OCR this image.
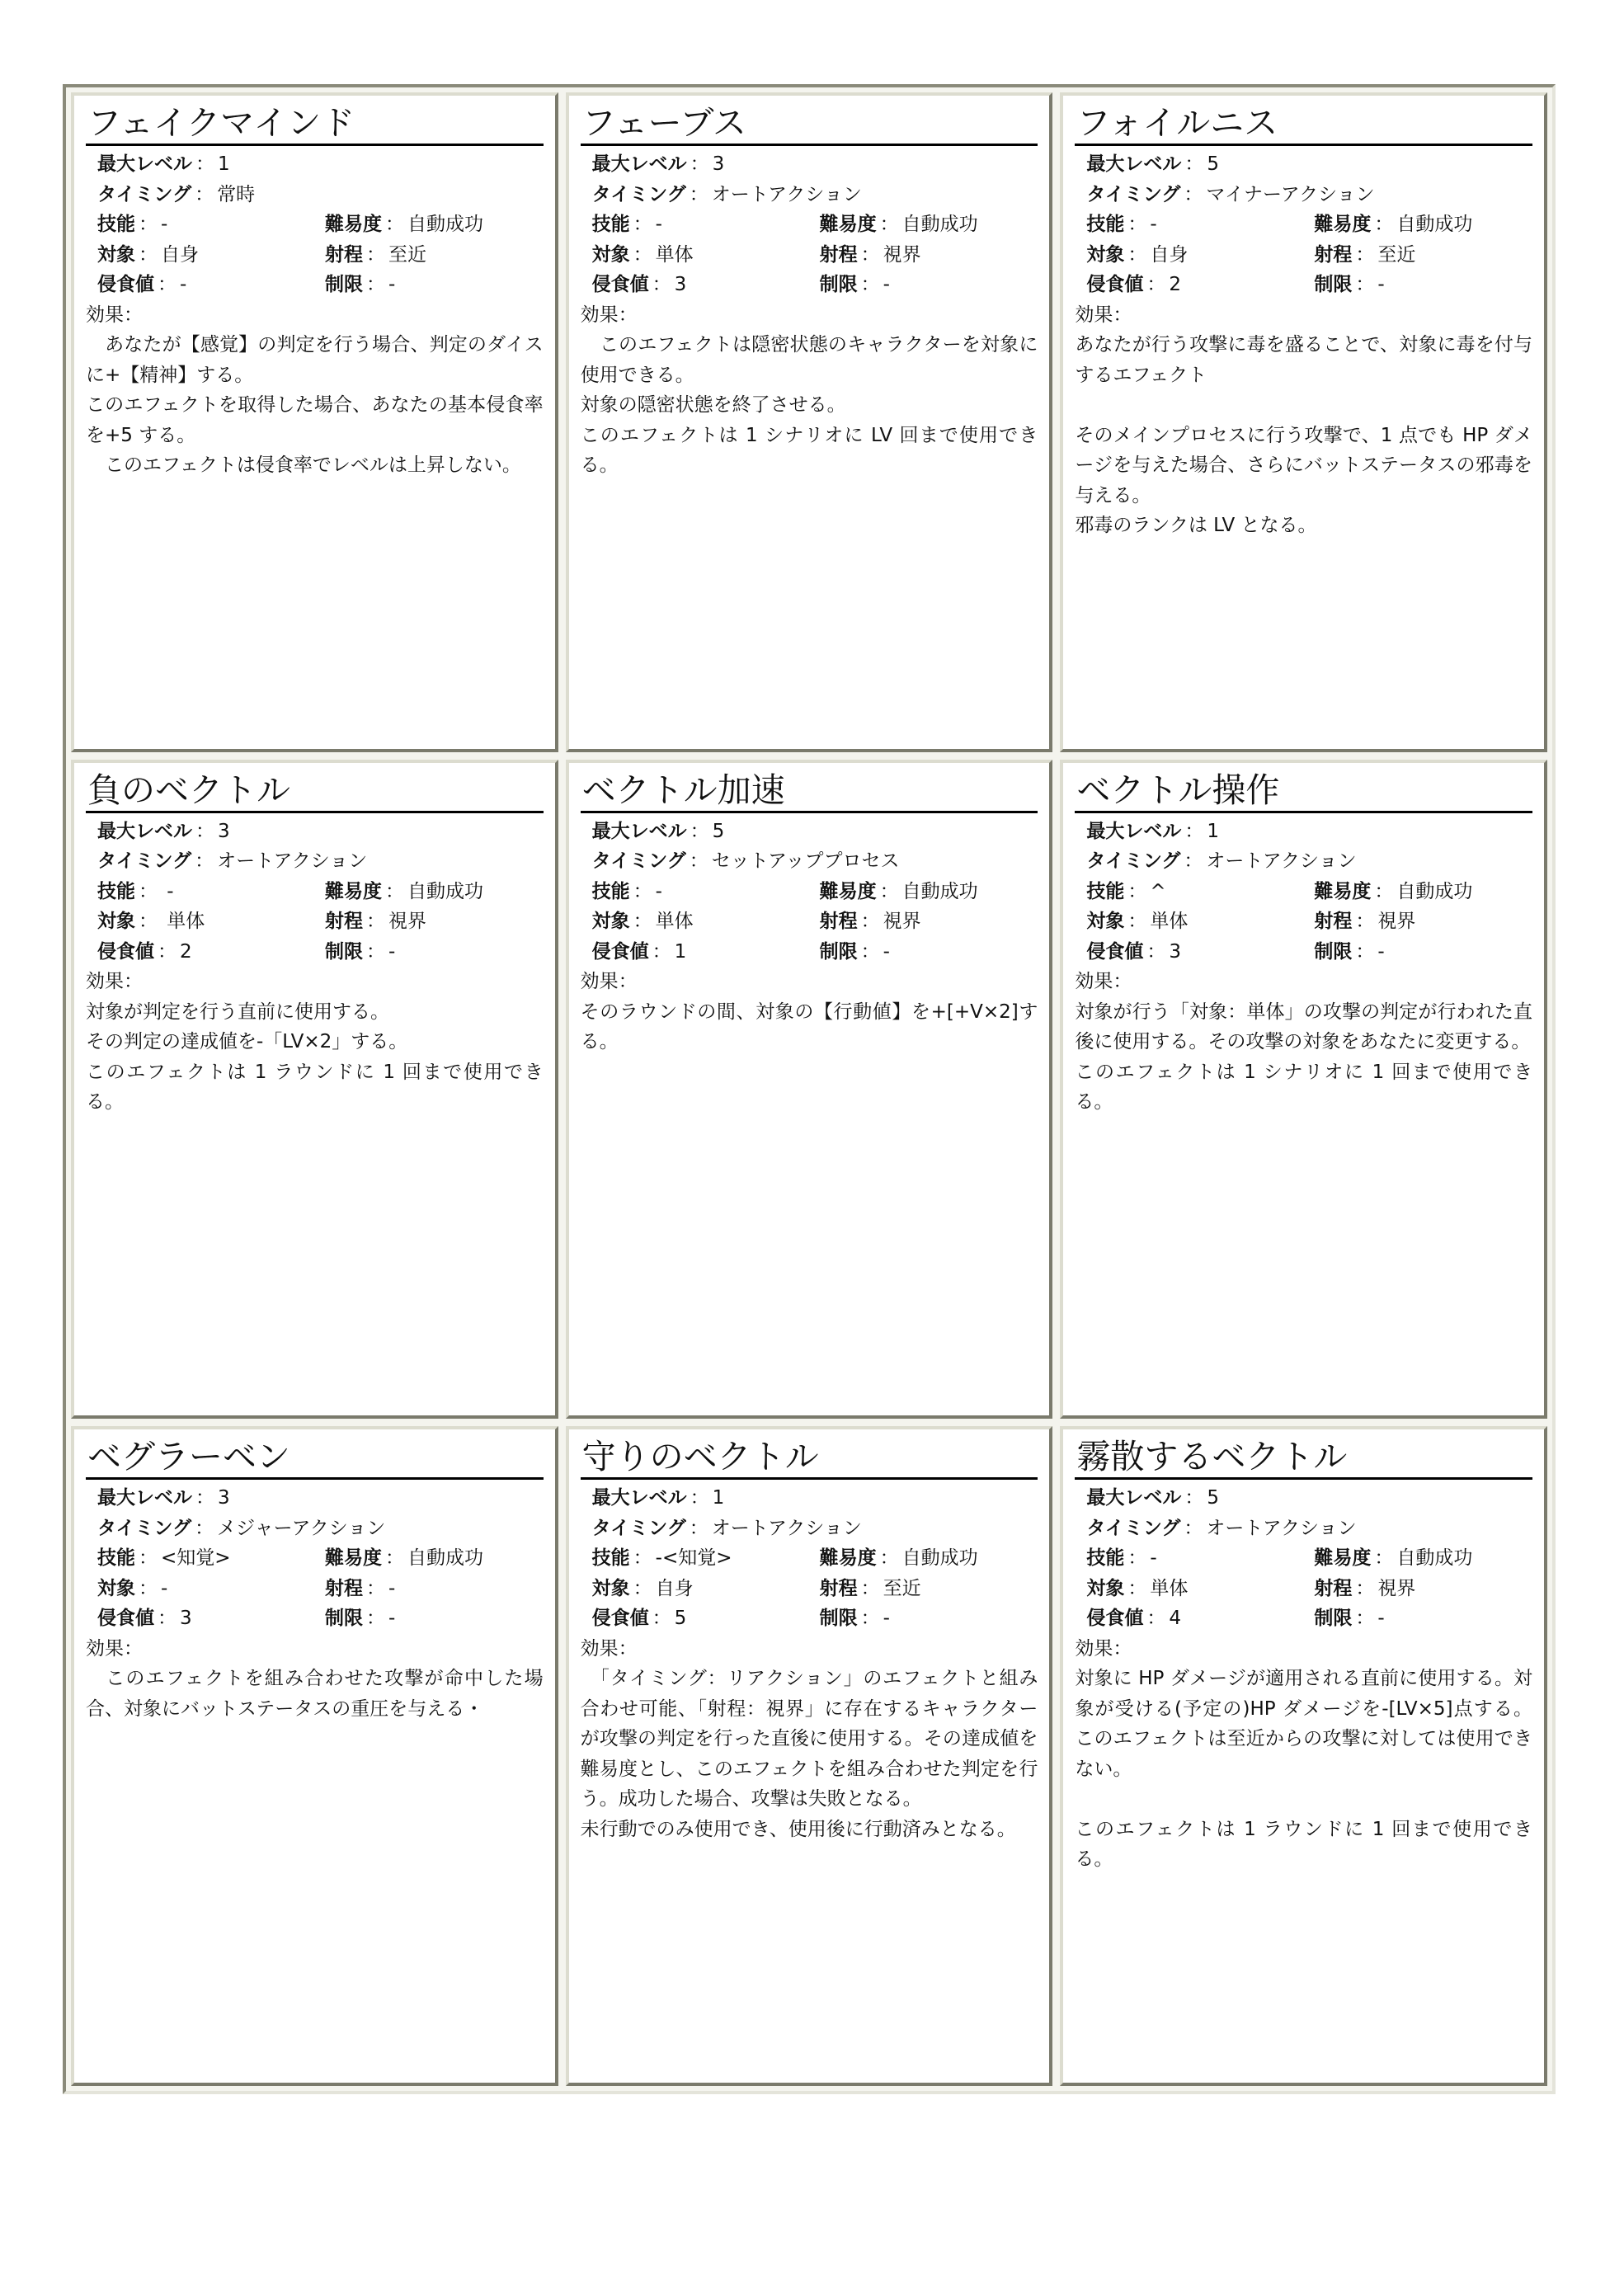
フェイクマインド
最大レベル ： 1
タイミング ： 常時
技能 ： -	難易度 ： 自動成功
対象 ： 自身	射程 ： 至近
侵食値 ： -	制限 ： -
効果：

　あなたが【感覚】の判定を行う場合、判定のダイスに+【精神】する。

このエフェクトを取得した場合、あなたの基本侵食率を+5 する。

　このエフェクトは侵食率でレベルは上昇しない。

フェーブス
最大レベル ： 3
タイミング ： オートアクション
技能 ： -	難易度 ： 自動成功
対象 ： 単体	射程 ： 視界
侵食値 ： 3	制限 ： -
効果：

　このエフェクトは隠密状態のキャラクターを対象に使用できる。

対象の隠密状態を終了させる。

このエフェクトは 1 シナリオに LV 回まで使用できる。

フォイルニス
最大レベル ： 5
タイミング ： マイナーアクション
技能 ： -	難易度 ： 自動成功
対象 ： 自身	射程 ： 至近
侵食値 ： 2	制限 ： -
効果：

あなたが行う攻撃に毒を盛ることで、対象に毒を付与するエフェクト

そのメインプロセスに行う攻撃で、1 点でも HP ダメージを与えた場合、さらにバットステータスの邪毒を与える。

邪毒のランクは LV となる。

負のベクトル
最大レベル ： 3
タイミング ： オートアクション
技能 ： -	難易度 ： 自動成功
対象 ： 単体	射程 ： 視界
侵食値 ： 2	制限 ： -
効果：

対象が判定を行う直前に使用する。

その判定の達成値を-「LV×2」する。

このエフェクトは 1 ラウンドに 1 回まで使用できる。

ベクトル加速
最大レベル ： 5
タイミング ： セットアッププロセス
技能 ： -	難易度 ： 自動成功
対象 ： 単体	射程 ： 視界
侵食値 ： 1	制限 ： -
効果：

そのラウンドの間、対象の【行動値】を+[+V×2]する。

ベクトル操作
最大レベル ： 1
タイミング ： オートアクション
技能 ： ^	難易度 ： 自動成功
対象 ： 単体	射程 ： 視界
侵食値 ： 3	制限 ： -
効果：

対象が行う「対象：単体」の攻撃の判定が行われた直後に使用する。その攻撃の対象をあなたに変更する。

このエフェクトは 1 シナリオに 1 回まで使用できる。

ベグラーベン
最大レベル ： 3
タイミング ： メジャーアクション
技能 ： <知覚>	難易度 ： 自動成功
対象 ： -	射程 ： -
侵食値 ： 3	制限 ： -
効果：

　このエフェクトを組み合わせた攻撃が命中した場合、対象にバットステータスの重圧を与える・

守りのベクトル
最大レベル ： 1
タイミング ： オートアクション
技能 ： -<知覚>	難易度 ： 自動成功
対象 ： 自身	射程 ： 至近
侵食値 ： 5	制限 ： -
効果：

　「タイミング：リアクション」のエフェクトと組み合わせ可能、「射程：視界」に存在するキャラクターが攻撃の判定を行った直後に使用する。その達成値を難易度とし、このエフェクトを組み合わせた判定を行う。成功した場合、攻撃は失敗となる。

未行動でのみ使用でき、使用後に行動済みとなる。

霧散するベクトル
最大レベル ： 5
タイミング ： オートアクション
技能 ： -	難易度 ： 自動成功
対象 ： 単体	射程 ： 視界
侵食値 ： 4	制限 ： -
効果：

対象に HP ダメージが適用される直前に使用する。対象が受ける(予定の)HP ダメージを-[LV×5]点する。このエフェクトは至近からの攻撃に対しては使用できない。

このエフェクトは 1 ラウンドに 1 回まで使用できる。
